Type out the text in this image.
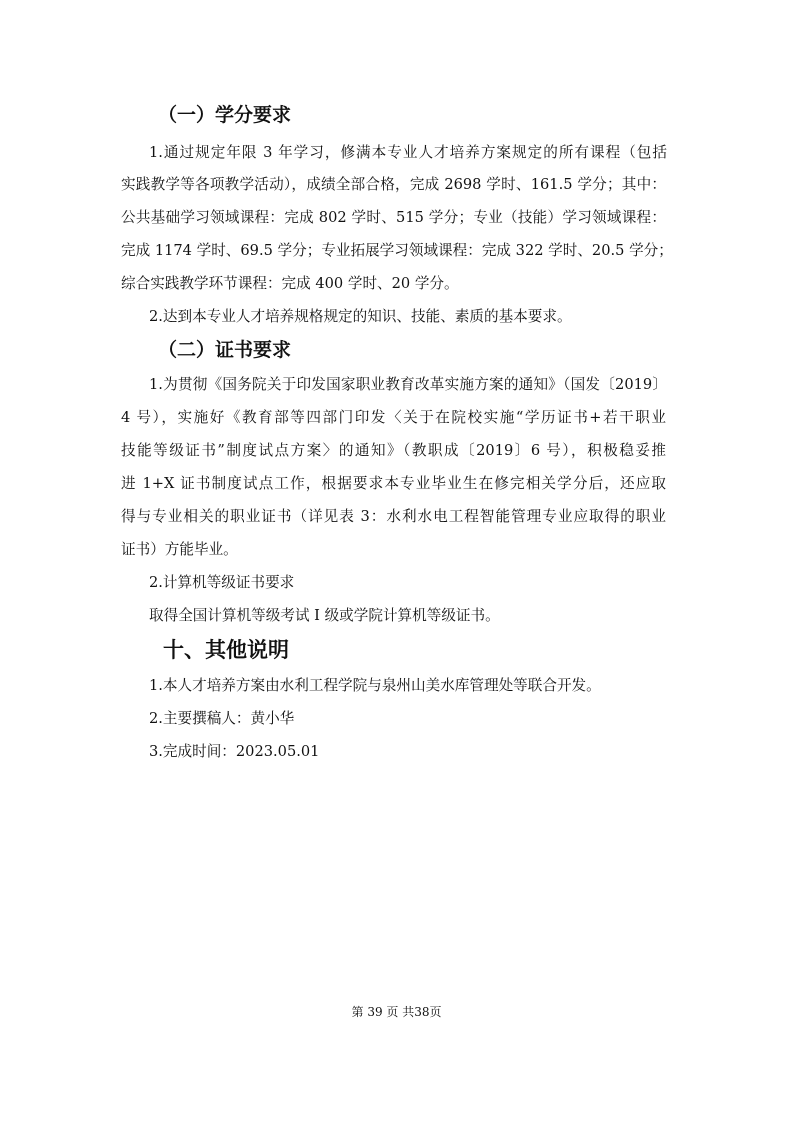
（一）学分要求
1.通过规定年限 3 年学习，修满本专业人才培养方案规定的所有课程（包括
实践教学等各项教学活动），成绩全部合格，完成 2698 学时、161.5 学分；其中：
公共基础学习领域课程：完成 802 学时、515 学分；专业（技能）学习领域课程：
完成 1174 学时、69.5 学分；专业拓展学习领域课程：完成 322 学时、20.5 学分；
综合实践教学环节课程：完成 400 学时、20 学分。
2.达到本专业人才培养规格规定的知识、技能、素质的基本要求。
（二）证书要求
1.为贯彻《国务院关于印发国家职业教育改革实施方案的通知》（国发〔2019〕
4 号），实施好《教育部等四部门印发〈关于在院校实施“学历证书+若干职业
技能等级证书”制度试点方案〉的通知》（教职成〔2019〕6 号），积极稳妥推
进 1+X 证书制度试点工作，根据要求本专业毕业生在修完相关学分后，还应取
得与专业相关的职业证书（详见表 3：水利水电工程智能管理专业应取得的职业
证书）方能毕业。
2.计算机等级证书要求
取得全国计算机等级考试 I 级或学院计算机等级证书。
十、其他说明
1.本人才培养方案由水利工程学院与泉州山美水库管理处等联合开发。
2.主要撰稿人：黄小华
3.完成时间：2023.05.01
第 39 页 共38页
